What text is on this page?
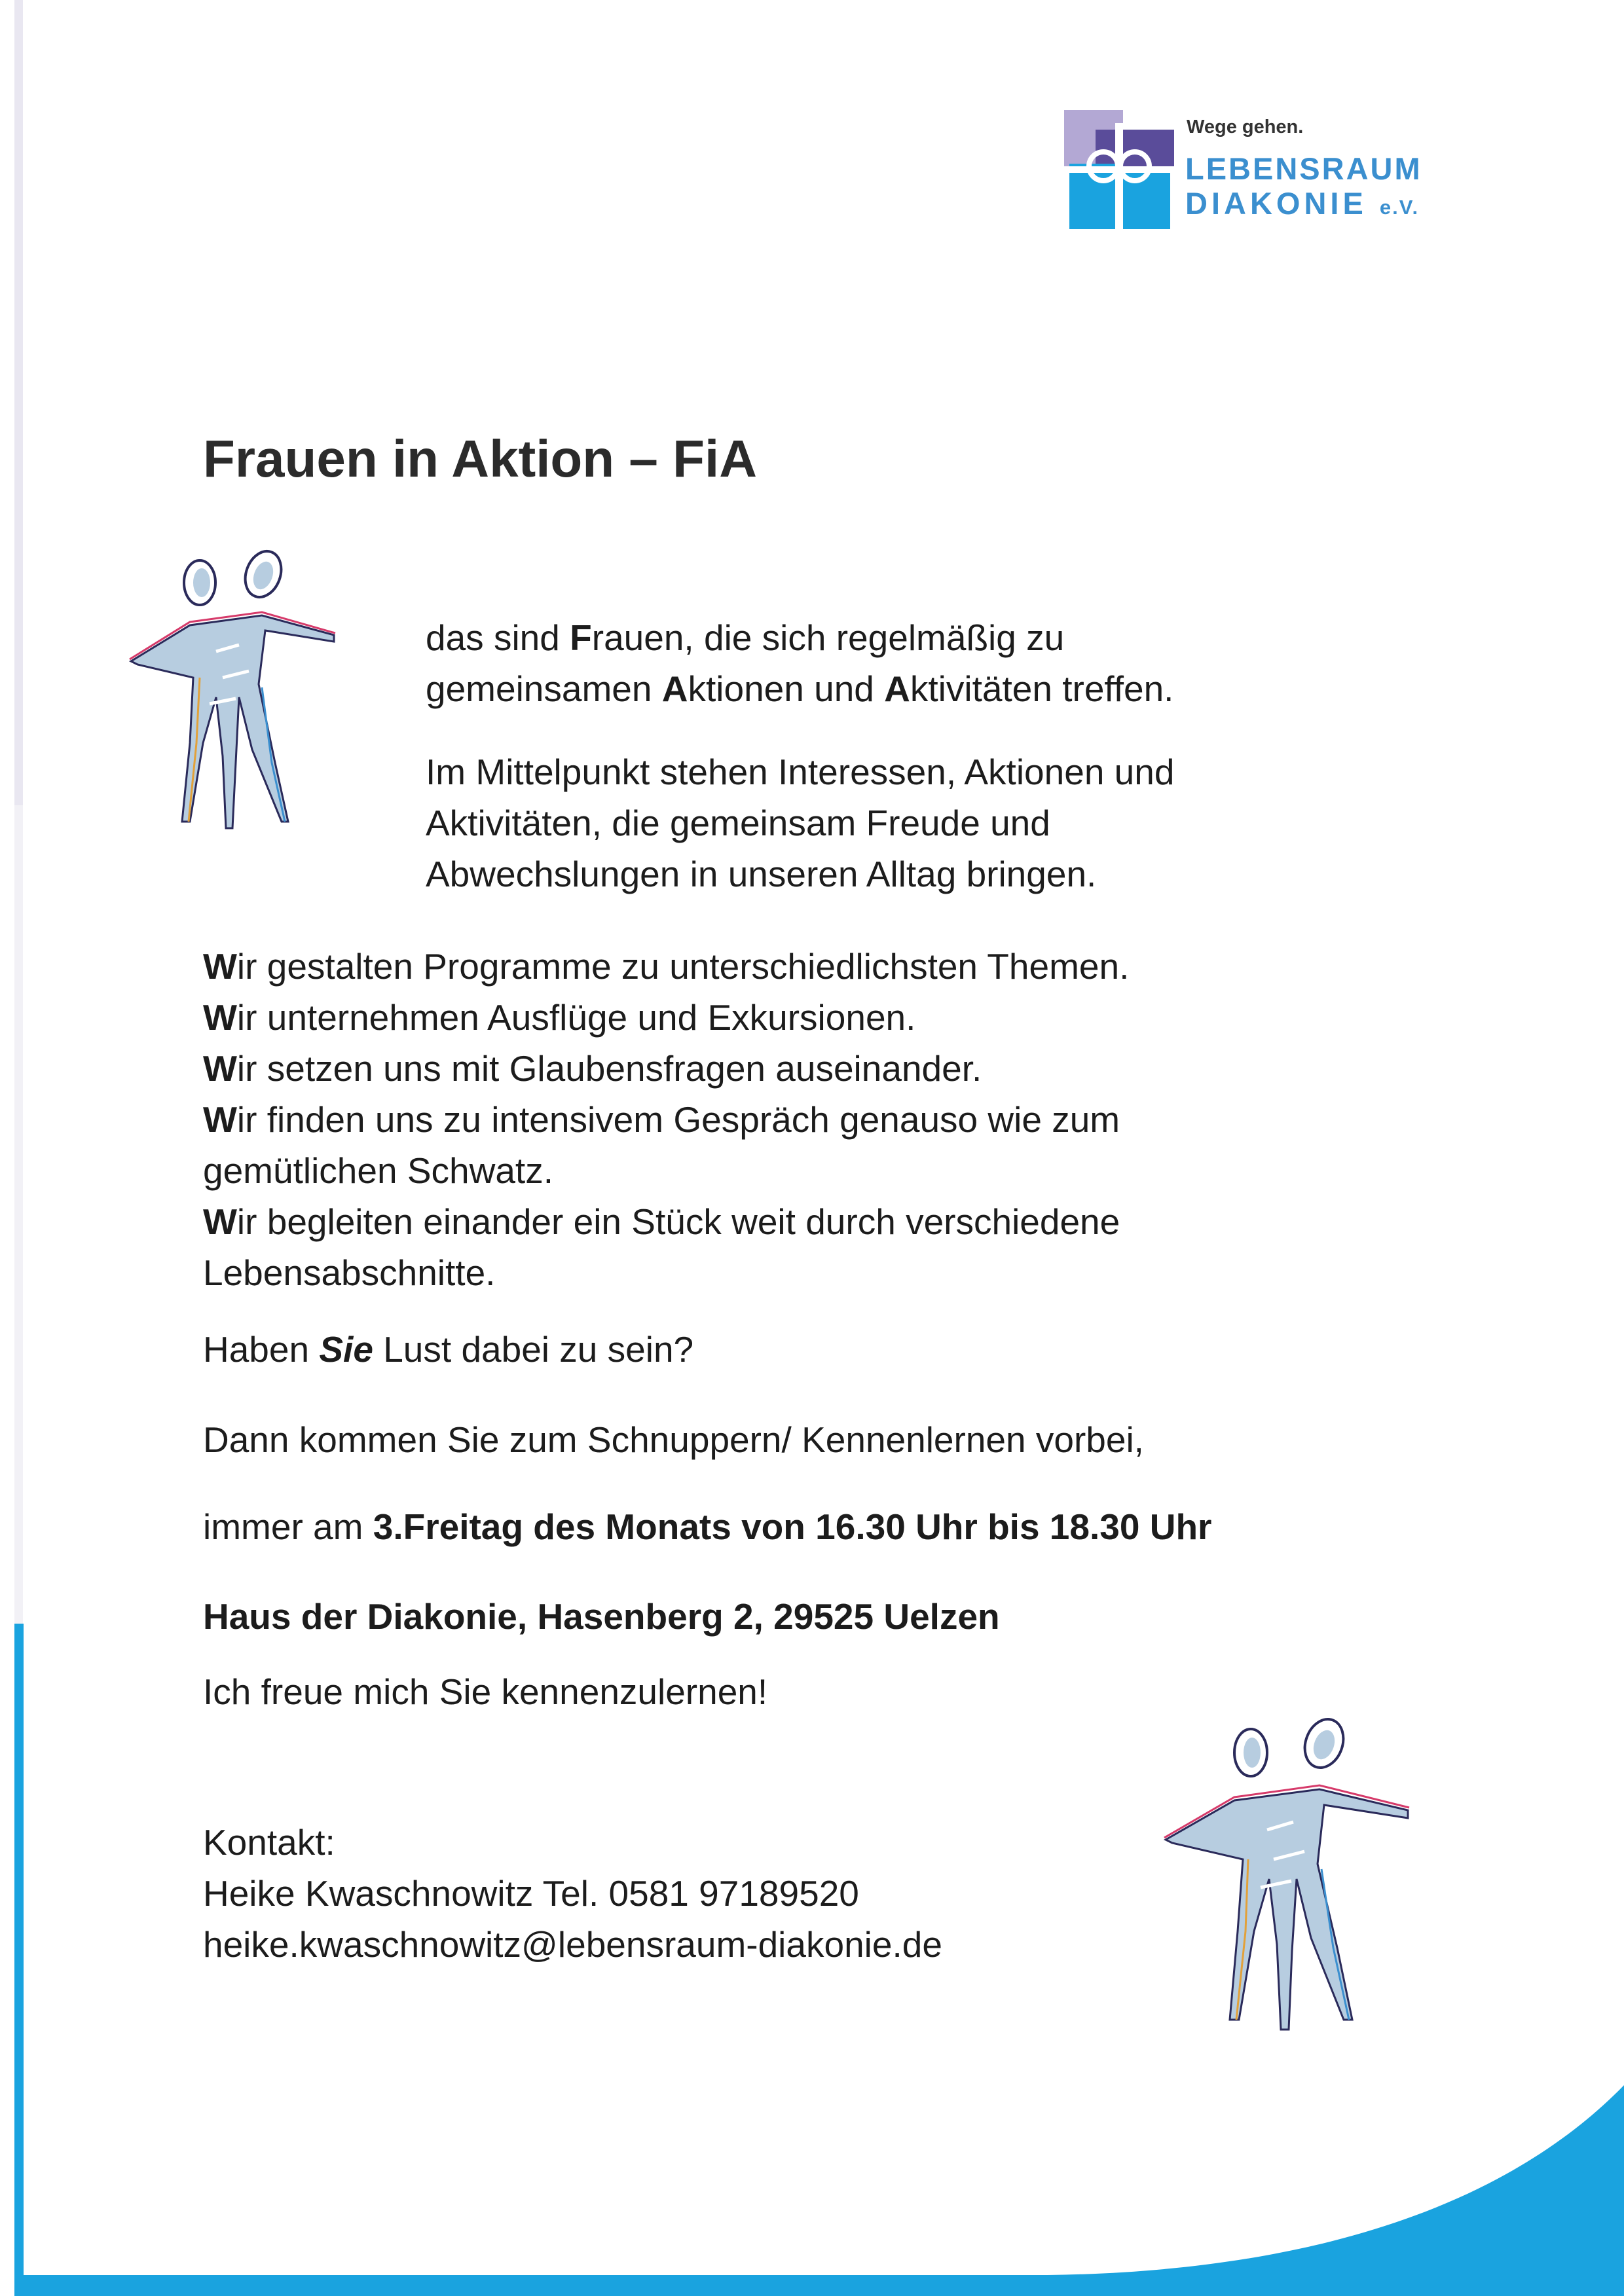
Wege gehen.
LEBENSRAUM
DIAKONIE e.V.
Frauen in Aktion – FiA
das sind Frauen, die sich regelmäßig zu
gemeinsamen Aktionen und Aktivitäten treffen.
Im Mittelpunkt stehen Interessen, Aktionen und
Aktivitäten, die gemeinsam Freude und
Abwechslungen in unseren Alltag bringen.
Wir gestalten Programme zu unterschiedlichsten Themen.
Wir unternehmen Ausflüge und Exkursionen.
Wir setzen uns mit Glaubensfragen auseinander.
Wir finden uns zu intensivem Gespräch genauso wie zum
gemütlichen Schwatz.
Wir begleiten einander ein Stück weit durch verschiedene
Lebensabschnitte.
Haben Sie Lust dabei zu sein?
Dann kommen Sie zum Schnuppern/ Kennenlernen vorbei,
immer am 3.Freitag des Monats von 16.30 Uhr bis 18.30 Uhr
Haus der Diakonie, Hasenberg 2, 29525 Uelzen
Ich freue mich Sie kennenzulernen!
Kontakt:
Heike Kwaschnowitz Tel. 0581 97189520
heike.kwaschnowitz@lebensraum-diakonie.de
